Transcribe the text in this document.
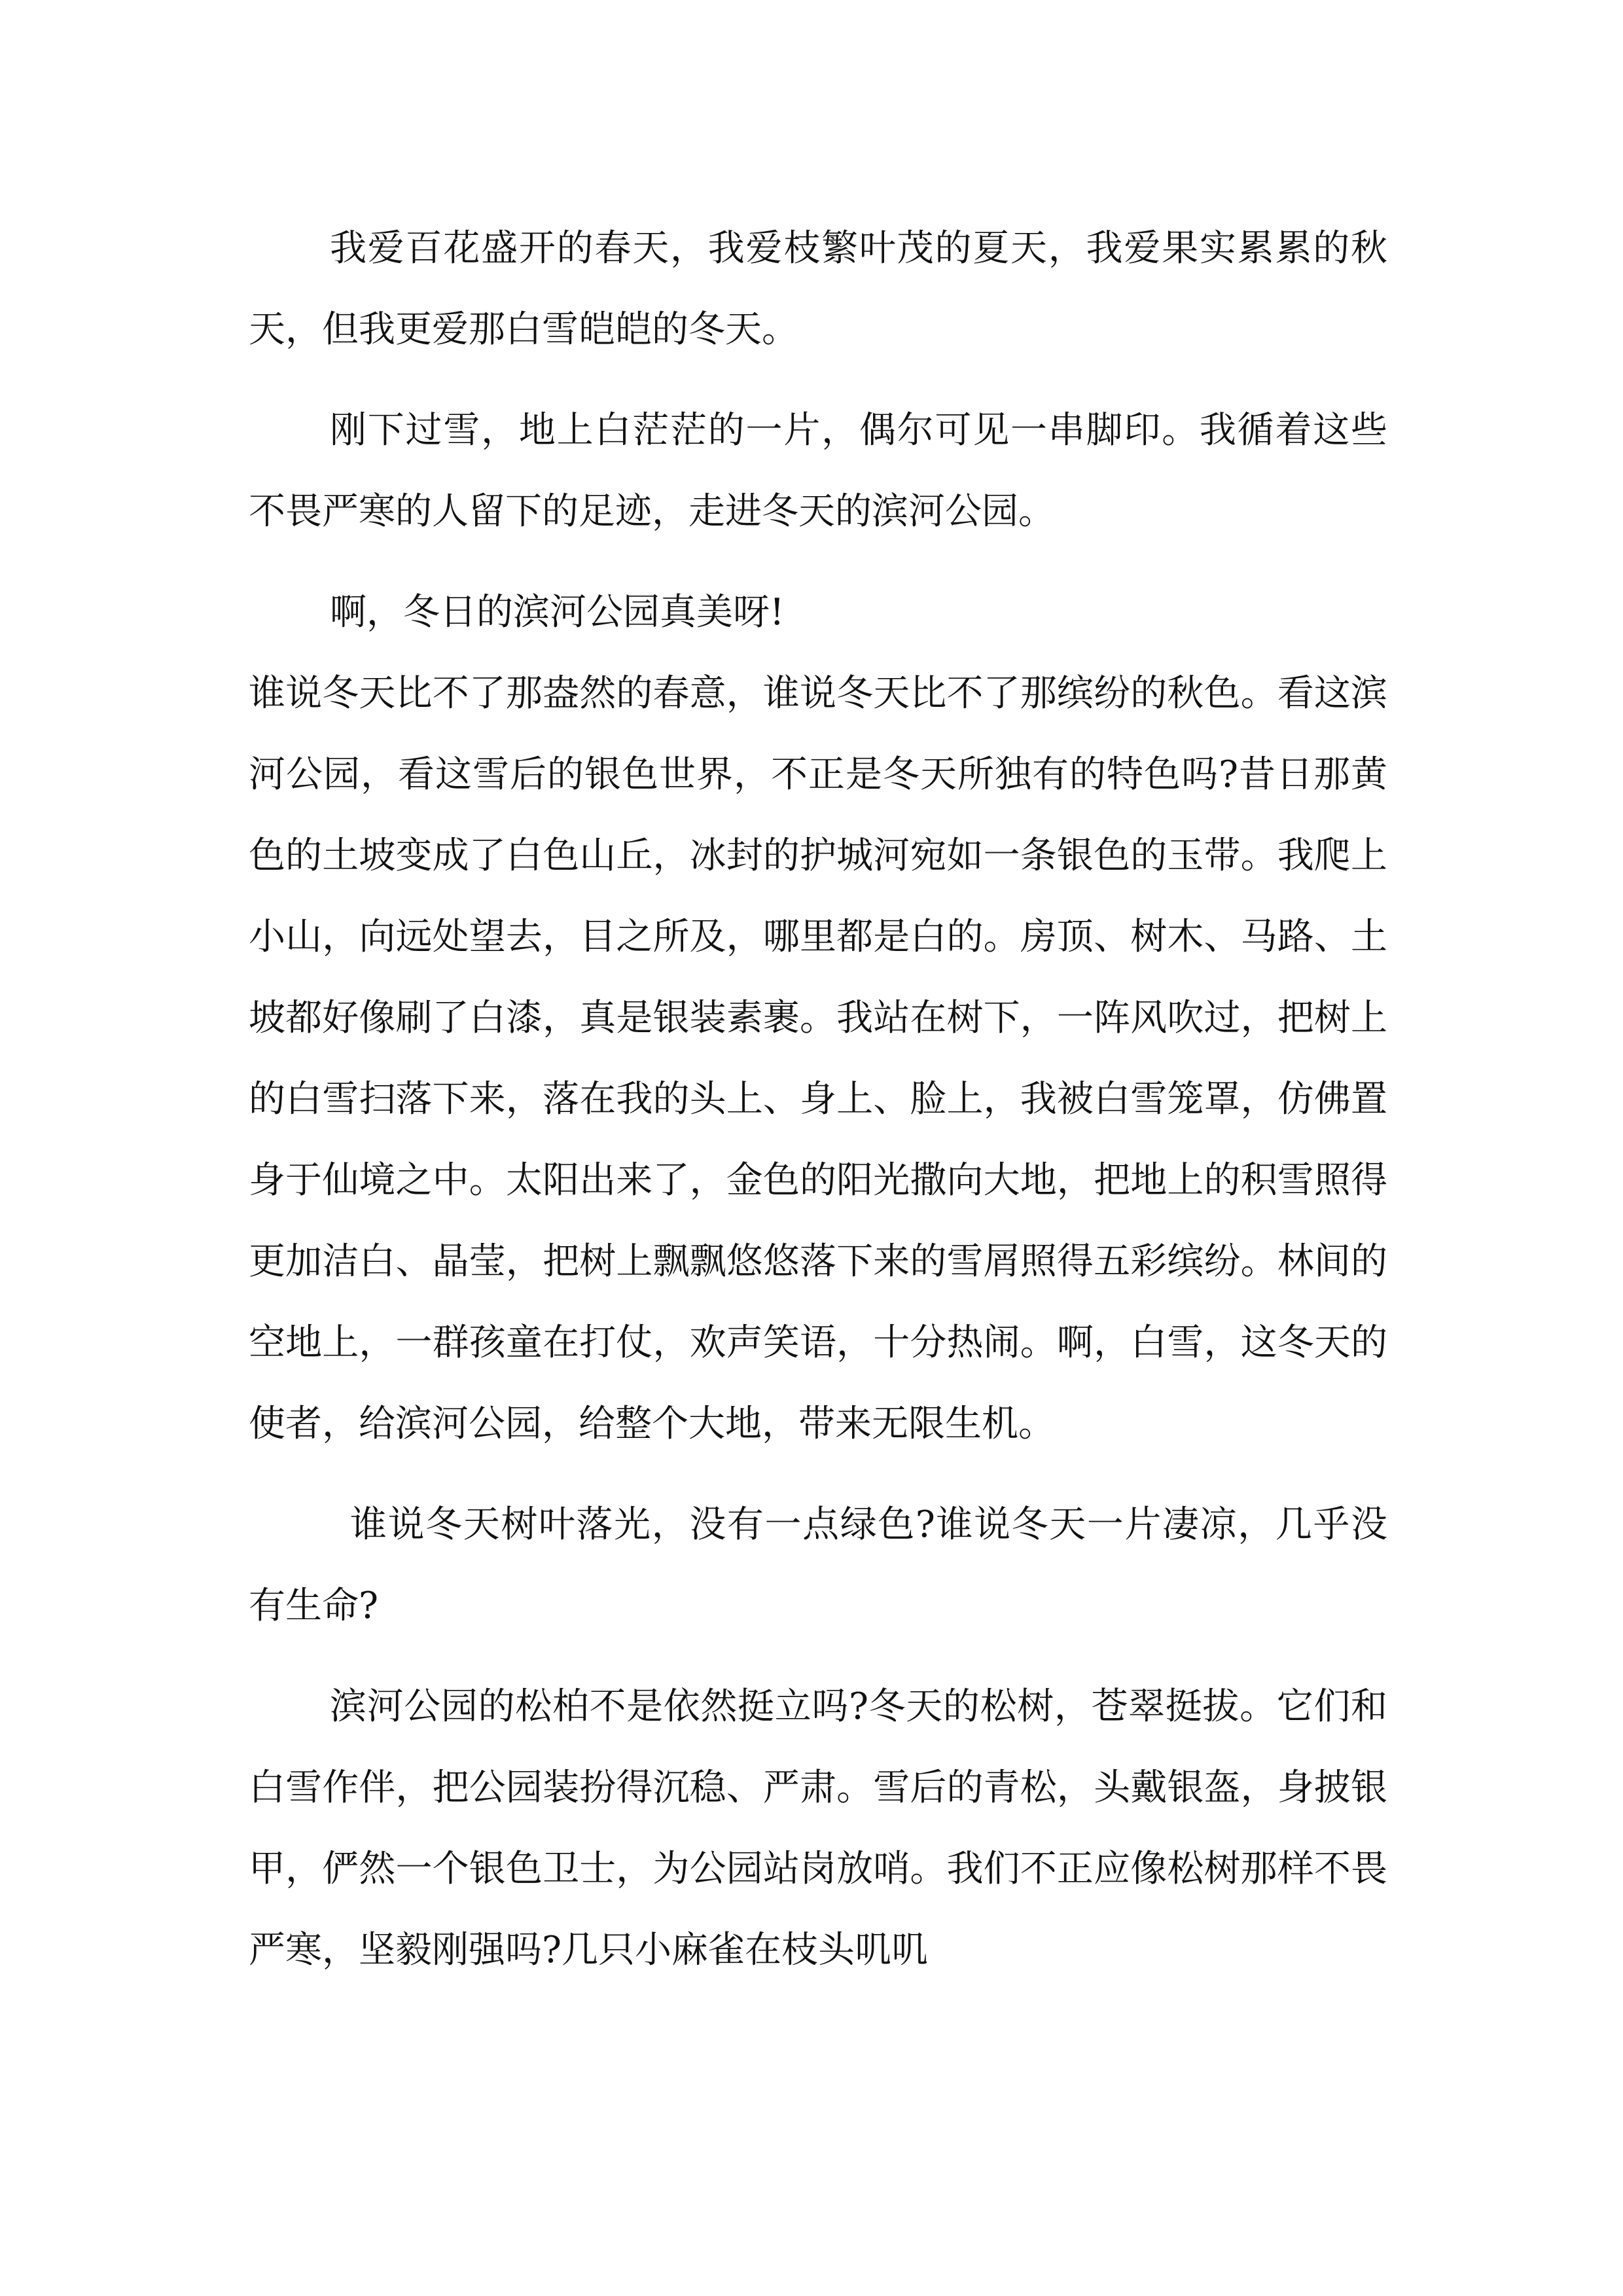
我爱百花盛开的春天，我爱枝繁叶茂的夏天，我爱果实累累的秋天，但我更爱那白雪皑皑的冬天。

刚下过雪，地上白茫茫的一片，偶尔可见一串脚印。我循着这些不畏严寒的人留下的足迹，走进冬天的滨河公园。

啊，冬日的滨河公园真美呀!

谁说冬天比不了那盎然的春意，谁说冬天比不了那缤纷的秋色。看这滨河公园，看这雪后的银色世界，不正是冬天所独有的特色吗?昔日那黄色的土坡变成了白色山丘，冰封的护城河宛如一条银色的玉带。我爬上小山，向远处望去，目之所及，哪里都是白的。房顶、树木、马路、土坡都好像刷了白漆，真是银装素裹。我站在树下，一阵风吹过，把树上的白雪扫落下来，落在我的头上、身上、脸上，我被白雪笼罩，仿佛置身于仙境之中。太阳出来了，金色的阳光撒向大地，把地上的积雪照得更加洁白、晶莹，把树上飘飘悠悠落下来的雪屑照得五彩缤纷。林间的空地上，一群孩童在打仗，欢声笑语，十分热闹。啊，白雪，这冬天的使者，给滨河公园，给整个大地，带来无限生机。

谁说冬天树叶落光，没有一点绿色?谁说冬天一片凄凉，几乎没有生命?

滨河公园的松柏不是依然挺立吗?冬天的松树，苍翠挺拔。它们和白雪作伴，把公园装扮得沉稳、严肃。雪后的青松，头戴银盔，身披银甲，俨然一个银色卫士，为公园站岗放哨。我们不正应像松树那样不畏严寒，坚毅刚强吗?几只小麻雀在枝头叽叽
